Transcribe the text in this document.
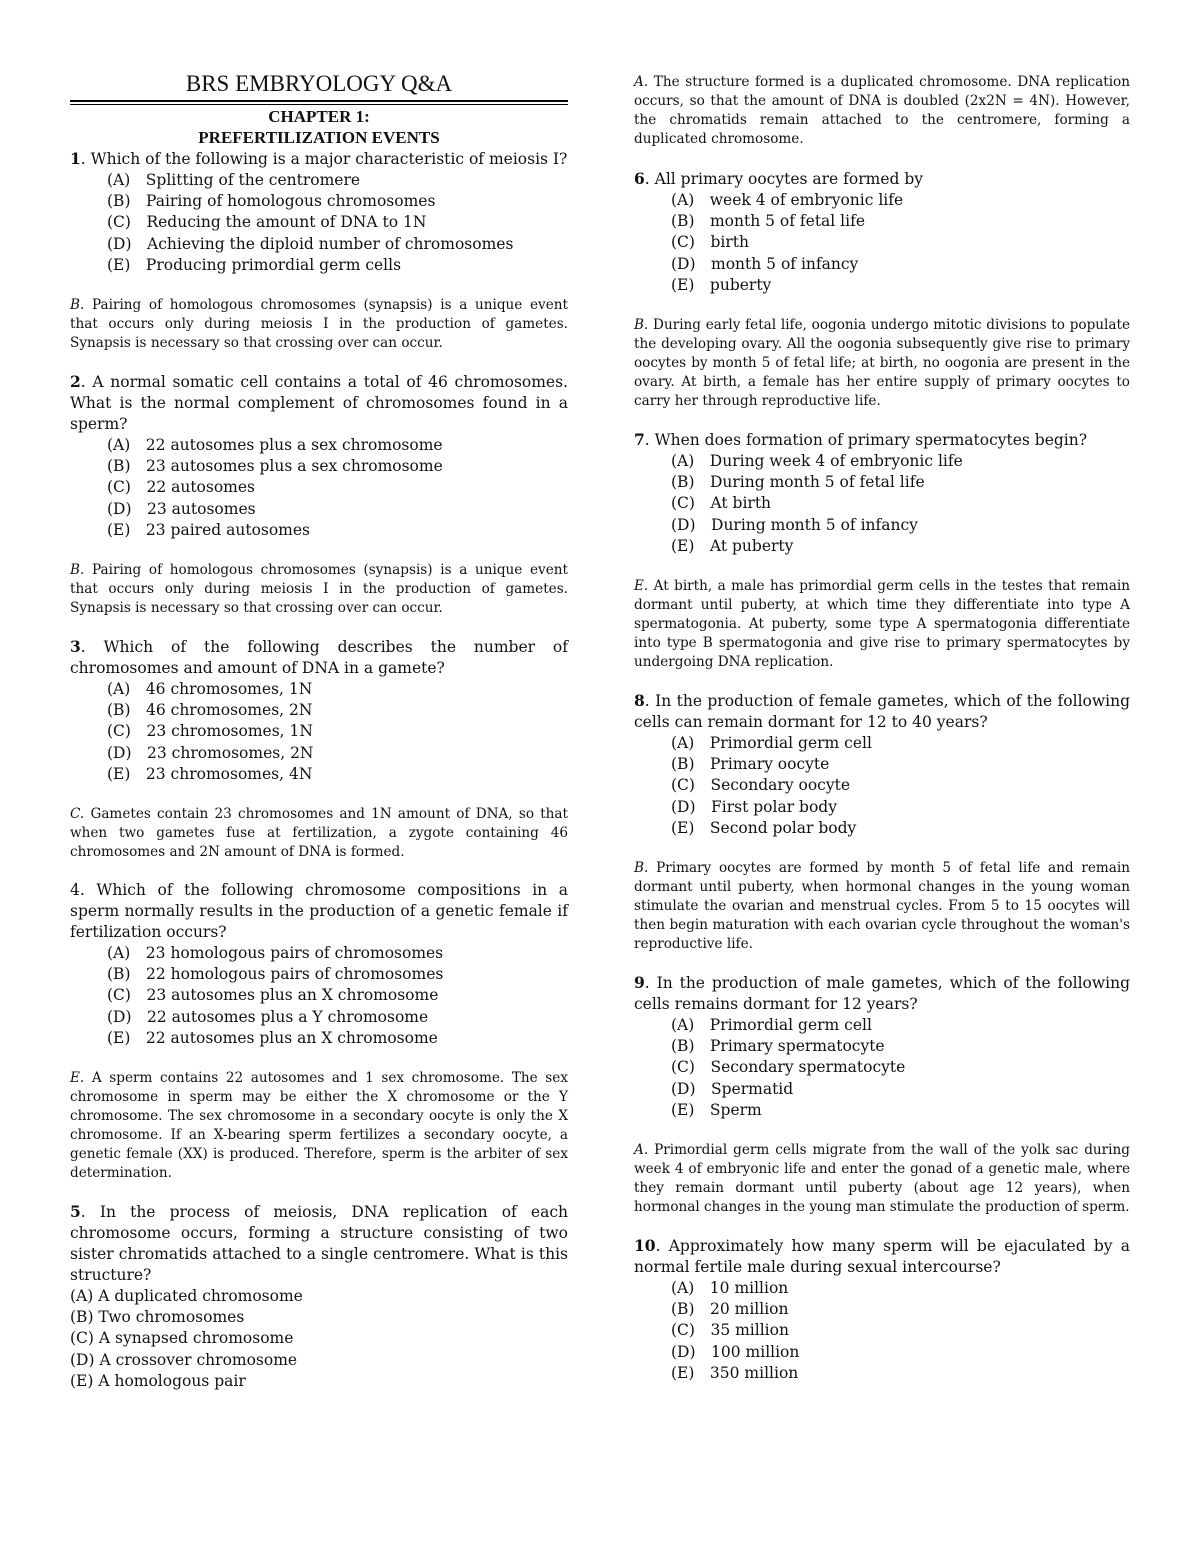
BRS EMBRYOLOGY Q&A
CHAPTER 1:
PREFERTILIZATION EVENTS
1. Which of the following is a major characteristic of meiosis I?
(A) Splitting of the centromere
(B) Pairing of homologous chromosomes
(C) Reducing the amount of DNA to 1N
(D) Achieving the diploid number of chromosomes
(E) Producing primordial germ cells
B. Pairing of homologous chromosomes (synapsis) is a unique event that occurs only during meiosis I in the production of gametes. Synapsis is necessary so that crossing over can occur.
2. A normal somatic cell contains a total of 46 chromosomes. What is the normal complement of chromosomes found in a sperm?
(A) 22 autosomes plus a sex chromosome
(B) 23 autosomes plus a sex chromosome
(C) 22 autosomes
(D) 23 autosomes
(E) 23 paired autosomes
B. Pairing of homologous chromosomes (synapsis) is a unique event that occurs only during meiosis I in the production of gametes. Synapsis is necessary so that crossing over can occur.
3. Which of the following describes the number of chromosomes and amount of DNA in a gamete?
(A) 46 chromosomes, 1N
(B) 46 chromosomes, 2N
(C) 23 chromosomes, 1N
(D) 23 chromosomes, 2N
(E) 23 chromosomes, 4N
C. Gametes contain 23 chromosomes and 1N amount of DNA, so that when two gametes fuse at fertilization, a zygote containing 46 chromosomes and 2N amount of DNA is formed.
4. Which of the following chromosome compositions in a sperm normally results in the production of a genetic female if fertilization occurs?
(A) 23 homologous pairs of chromosomes
(B) 22 homologous pairs of chromosomes
(C) 23 autosomes plus an X chromosome
(D) 22 autosomes plus a Y chromosome
(E) 22 autosomes plus an X chromosome
E. A sperm contains 22 autosomes and 1 sex chromosome. The sex chromosome in sperm may be either the X chromosome or the Y chromosome. The sex chromosome in a secondary oocyte is only the X chromosome. If an X-bearing sperm fertilizes a secondary oocyte, a genetic female (XX) is produced. Therefore, sperm is the arbiter of sex determination.
5. In the process of meiosis, DNA replication of each chromosome occurs, forming a structure consisting of two sister chromatids attached to a single centromere. What is this structure?
(A) A duplicated chromosome
(B) Two chromosomes
(C) A synapsed chromosome
(D) A crossover chromosome
(E) A homologous pair
A. The structure formed is a duplicated chromosome. DNA replication occurs, so that the amount of DNA is doubled (2x2N = 4N). However, the chromatids remain attached to the centromere, forming a duplicated chromosome.
6. All primary oocytes are formed by
(A) week 4 of embryonic life
(B) month 5 of fetal life
(C) birth
(D) month 5 of infancy
(E) puberty
B. During early fetal life, oogonia undergo mitotic divisions to populate the developing ovary. All the oogonia subsequently give rise to primary oocytes by month 5 of fetal life; at birth, no oogonia are present in the ovary. At birth, a female has her entire supply of primary oocytes to carry her through reproductive life.
7. When does formation of primary spermatocytes begin?
(A) During week 4 of embryonic life
(B) During month 5 of fetal life
(C) At birth
(D) During month 5 of infancy
(E) At puberty
E. At birth, a male has primordial germ cells in the testes that remain dormant until puberty, at which time they differentiate into type A spermatogonia. At puberty, some type A spermatogonia differentiate into type B spermatogonia and give rise to primary spermatocytes by undergoing DNA replication.
8. In the production of female gametes, which of the following cells can remain dormant for 12 to 40 years?
(A) Primordial germ cell
(B) Primary oocyte
(C) Secondary oocyte
(D) First polar body
(E) Second polar body
B. Primary oocytes are formed by month 5 of fetal life and remain dormant until puberty, when hormonal changes in the young woman stimulate the ovarian and menstrual cycles. From 5 to 15 oocytes will then begin maturation with each ovarian cycle throughout the woman's reproductive life.
9. In the production of male gametes, which of the following cells remains dormant for 12 years?
(A) Primordial germ cell
(B) Primary spermatocyte
(C) Secondary spermatocyte
(D) Spermatid
(E) Sperm
A. Primordial germ cells migrate from the wall of the yolk sac during week 4 of embryonic life and enter the gonad of a genetic male, where they remain dormant until puberty (about age 12 years), when hormonal changes in the young man stimulate the production of sperm.
10. Approximately how many sperm will be ejaculated by a normal fertile male during sexual intercourse?
(A) 10 million
(B) 20 million
(C) 35 million
(D) 100 million
(E) 350 million
